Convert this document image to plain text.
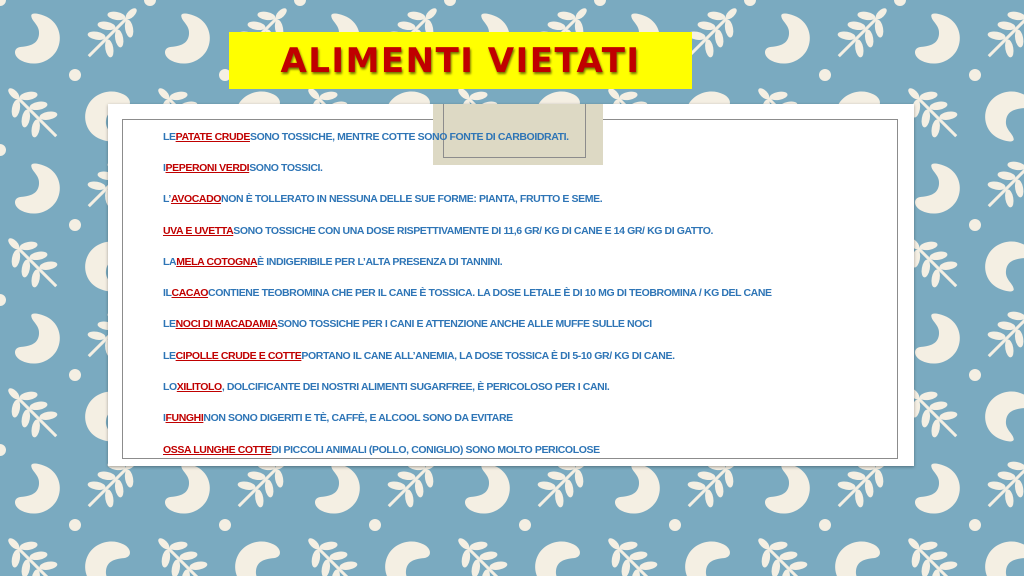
ALIMENTI VIETATI
LE PATATE CRUDE SONO TOSSICHE, MENTRE COTTE SONO FONTE DI CARBOIDRATI.
I PEPERONI VERDI SONO TOSSICI.
L’ AVOCADO NON È TOLLERATO IN NESSUNA DELLE SUE FORME: PIANTA, FRUTTO E SEME.
UVA E UVETTA SONO TOSSICHE CON UNA DOSE RISPETTIVAMENTE DI 11,6 GR/ KG DI CANE E 14 GR/ KG DI GATTO.
LA MELA COTOGNA È INDIGERIBILE PER L’ALTA PRESENZA DI TANNINI.
IL CACAO CONTIENE TEOBROMINA CHE PER IL CANE È TOSSICA. LA DOSE LETALE È DI 10 MG DI TEOBROMINA / KG DEL CANE
LE NOCI DI MACADAMIA SONO TOSSICHE PER I CANI E ATTENZIONE ANCHE ALLE MUFFE SULLE NOCI
LE CIPOLLE CRUDE E COTTE PORTANO IL CANE ALL’ANEMIA, LA DOSE TOSSICA È DI 5-10 GR/ KG DI CANE.
LO XILITOLO , DOLCIFICANTE DEI NOSTRI ALIMENTI SUGARFREE, È PERICOLOSO PER I CANI.
I FUNGHI NON SONO DIGERITI E TÈ, CAFFÈ, E ALCOOL SONO DA EVITARE
OSSA LUNGHE COTTE DI PICCOLI ANIMALI (POLLO, CONIGLIO) SONO MOLTO PERICOLOSE
